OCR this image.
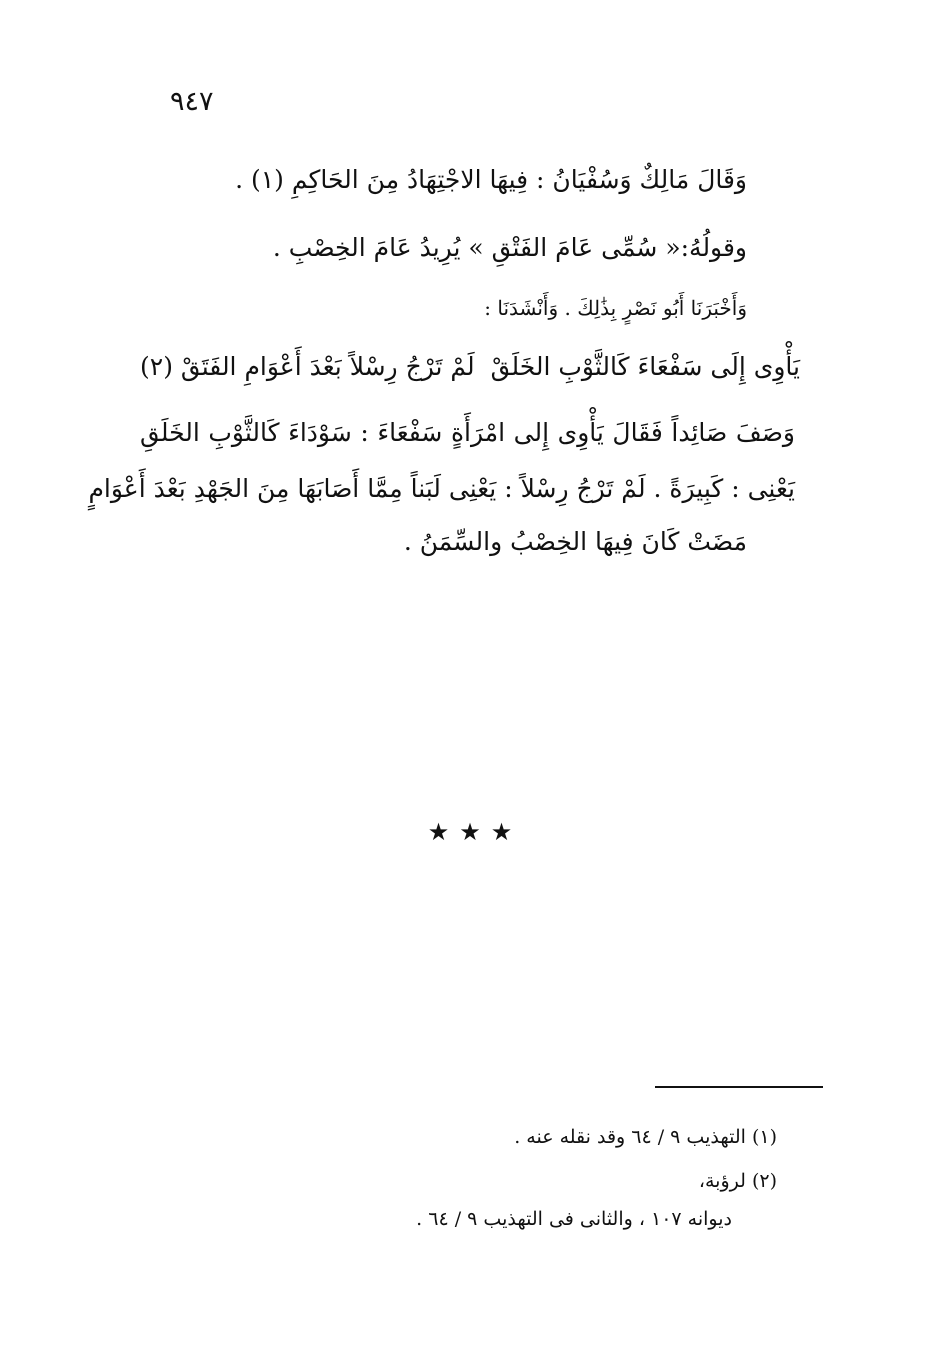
٩٤٧
وَقَالَ مَالِكٌ وَسُفْيَانُ : فِيهَا الاجْتِهَادُ مِنَ الحَاكِمِ (١) .
وقولُهُ:« سُمِّى عَامَ الفَتْقِ » يُرِيدُ عَامَ الخِصْبِ .
وَأَخْبَرَنَا أَبُو نَصْرٍ بِذَٰلِكَ . وَأَنْشَدَنَا :
يَأْوِى إِلَى سَفْعَاءَ كَالثَّوْبِ الخَلَقْ
لَمْ تَرْجُ رِسْلاً بَعْدَ أَعْوَامِ الفَتَقْ (٢)
وَصَفَ صَائِداً فَقَالَ يَأْوِى إِلى امْرَأَةٍ سَفْعَاءَ : سَوْدَاءَ كَالثَّوْبِ الخَلَقِ
يَعْنِى : كَبِيرَةً . لَمْ تَرْجُ رِسْلاً : يَعْنِى لَبَناً مِمَّا أَصَابَهَا مِنَ الجَهْدِ بَعْدَ أَعْوَامٍ
مَضَتْ كَانَ فِيهَا الخِصْبُ والسِّمَنُ .
★★★
(١) التهذيب ٩ / ٦٤ وقد نقله عنه .
(٢) لرؤبة،
ديوانه ١٠٧ ، والثانى فى التهذيب ٩ / ٦٤ .
